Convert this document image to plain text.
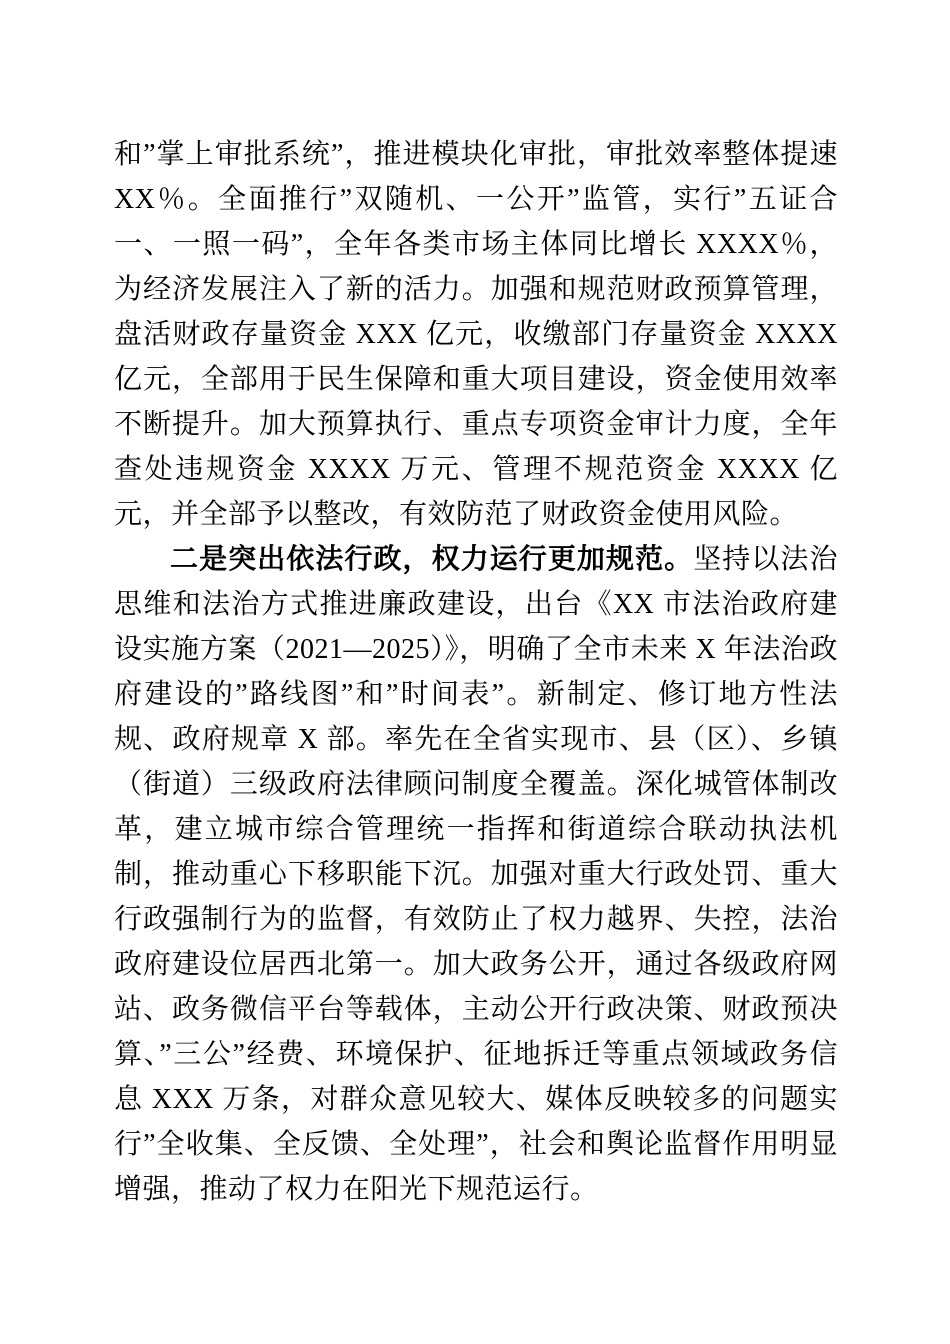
和”掌上审批系统”，推进模块化审批，审批效率整体提速 XX％。全面推行”双随机、一公开”监管，实行”五证合一、一照一码”，全年各类市场主体同比增长 XXXX％，为经济发展注入了新的活力。加强和规范财政预算管理，盘活财政存量资金 XXX 亿元，收缴部门存量资金 XXXX 亿元，全部用于民生保障和重大项目建设，资金使用效率不断提升。加大预算执行、重点专项资金审计力度，全年查处违规资金 XXXX 万元、管理不规范资金 XXXX 亿元，并全部予以整改，有效防范了财政资金使用风险。

二是突出依法行政，权力运行更加规范。坚持以法治思维和法治方式推进廉政建设，出台《XX 市法治政府建设实施方案（2021—2025）》，明确了全市未来 X 年法治政府建设的”路线图”和”时间表”。新制定、修订地方性法规、政府规章 X 部。率先在全省实现市、县（区）、乡镇（街道）三级政府法律顾问制度全覆盖。深化城管体制改革，建立城市综合管理统一指挥和街道综合联动执法机制，推动重心下移职能下沉。加强对重大行政处罚、重大行政强制行为的监督，有效防止了权力越界、失控，法治政府建设位居西北第一。加大政务公开，通过各级政府网站、政务微信平台等载体，主动公开行政决策、财政预决算、”三公”经费、环境保护、征地拆迁等重点领域政务信息 XXX 万条，对群众意见较大、媒体反映较多的问题实行”全收集、全反馈、全处理”，社会和舆论监督作用明显增强，推动了权力在阳光下规范运行。
